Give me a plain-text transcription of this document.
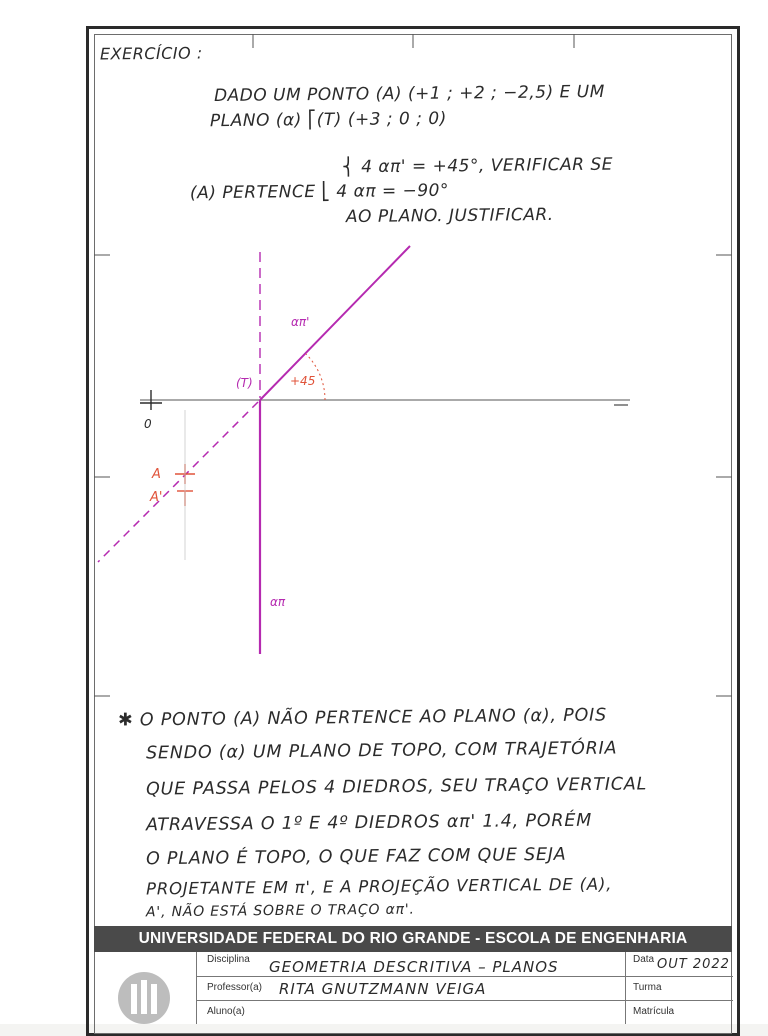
EXERCÍCIO :
DADO UM PONTO (A) (+1 ; +2 ; −2,5) E UM
PLANO (α) ⎡(T) (+3 ; 0 ; 0)
⎨ 4 απ' = +45°, VERIFICAR SE
(A) PERTENCE ⎣ 4 απ = −90°
AO PLANO. JUSTIFICAR.
0
(T)
απ'
+45
απ
A
A'
✱ O PONTO (A) NÃO PERTENCE AO PLANO (α), POIS
SENDO (α) UM PLANO DE TOPO, COM TRAJETÓRIA
QUE PASSA PELOS 4 DIEDROS, SEU TRAÇO VERTICAL
ATRAVESSA O 1º E 4º DIEDROS απ' 1.4, PORÉM
O PLANO É TOPO, O QUE FAZ COM QUE SEJA
PROJETANTE EM π', E A PROJEÇÃO VERTICAL DE (A),
A', NÃO ESTÁ SOBRE O TRAÇO απ'.
UNIVERSIDADE FEDERAL DO RIO GRANDE - ESCOLA DE ENGENHARIA
Disciplina GEOMETRIA DESCRITIVA – PLANOS	Data OUT 2022
Professor(a) RITA GNUTZMANN VEIGA	Turma
Aluno(a)	Matrícula
